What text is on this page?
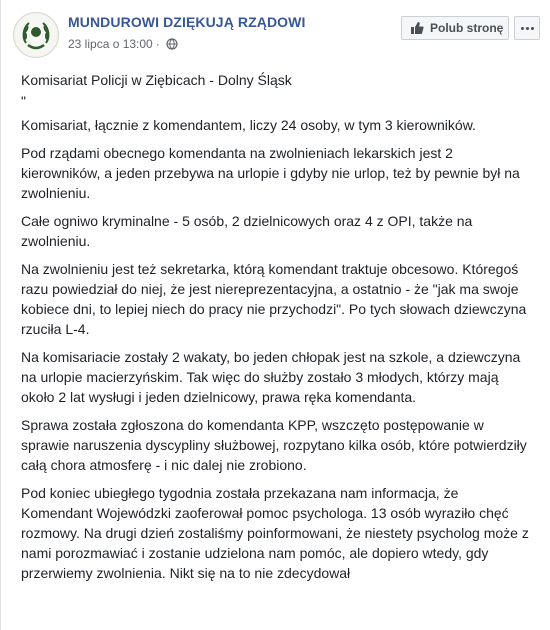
MUNDUROWI DZIĘKUJĄ RZĄDOWI
23 lipca o 13:00 ·
Polub stronę

Komisariat Policji w Ziębicach - Dolny Śląsk

"

Komisariat, łącznie z komendantem, liczy 24 osoby, w tym 3 kierowników.

Pod rządami obecnego komendanta na zwolnieniach lekarskich jest 2 kierowników, a jeden przebywa na urlopie i gdyby nie urlop, też by pewnie był na zwolnieniu.

Całe ogniwo kryminalne - 5 osób, 2 dzielnicowych oraz 4 z OPI, także na zwolnieniu.

Na zwolnieniu jest też sekretarka, którą komendant traktuje obcesowo. Któregoś razu powiedział do niej, że jest niereprezentacyjna, a ostatnio - że "jak ma swoje kobiece dni, to lepiej niech do pracy nie przychodzi". Po tych słowach dziewczyna rzuciła L-4.

Na komisariacie zostały 2 wakaty, bo jeden chłopak jest na szkole, a dziewczyna na urlopie macierzyńskim. Tak więc do służby zostało 3 młodych, którzy mają około 2 lat wysługi i jeden dzielnicowy, prawa ręka komendanta.

Sprawa została zgłoszona do komendanta KPP, wszczęto postępowanie w sprawie naruszenia dyscypliny służbowej, rozpytano kilka osób, które potwierdziły całą chora atmosferę - i nic dalej nie zrobiono.

Pod koniec ubiegłego tygodnia została przekazana nam informacja, że Komendant Wojewódzki zaoferował pomoc psychologa. 13 osób wyraziło chęć rozmowy. Na drugi dzień zostaliśmy poinformowani, że niestety psycholog może z nami porozmawiać i zostanie udzielona nam pomóc, ale dopiero wtedy, gdy przerwiemy zwolnienia. Nikt się na to nie zdecydował
